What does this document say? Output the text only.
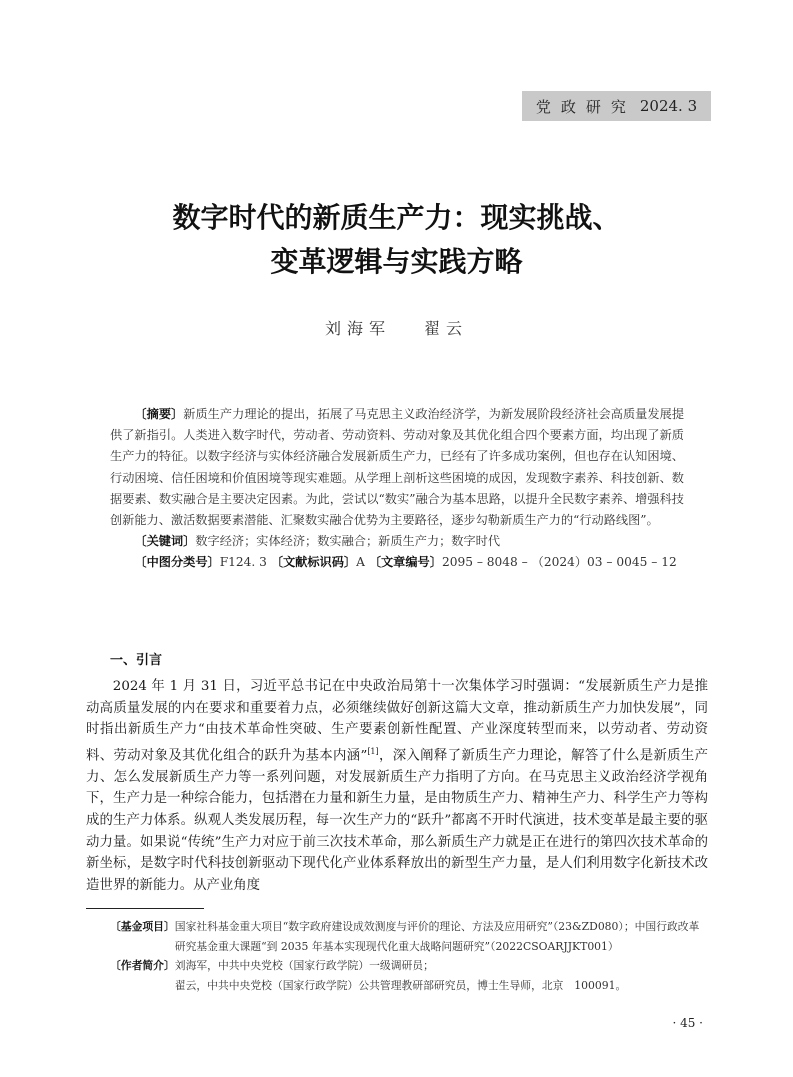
党政研究 2024. 3
数字时代的新质生产力：现实挑战、
变革逻辑与实践方略
刘海军 翟云

〔摘要〕新质生产力理论的提出，拓展了马克思主义政治经济学，为新发展阶段经济社会高质量发展提供了新指引。人类进入数字时代，劳动者、劳动资料、劳动对象及其优化组合四个要素方面，均出现了新质生产力的特征。以数字经济与实体经济融合发展新质生产力，已经有了许多成功案例，但也存在认知困境、行动困境、信任困境和价值困境等现实难题。从学理上剖析这些困境的成因，发现数字素养、科技创新、数据要素、数实融合是主要决定因素。为此，尝试以“数实”融合为基本思路，以提升全民数字素养、增强科技创新能力、激活数据要素潜能、汇聚数实融合优势为主要路径，逐步勾勒新质生产力的“行动路线图”。

〔关键词〕数字经济；实体经济；数实融合；新质生产力；数字时代

〔中图分类号〕F124. 3 〔文献标识码〕A 〔文章编号〕2095 – 8048 – （2024）03 – 0045 – 12

一、引言

2024 年 1 月 31 日，习近平总书记在中央政治局第十一次集体学习时强调：“发展新质生产力是推动高质量发展的内在要求和重要着力点，必须继续做好创新这篇大文章，推动新质生产力加快发展”，同时指出新质生产力“由技术革命性突破、生产要素创新性配置、产业深度转型而来，以劳动者、劳动资料、劳动对象及其优化组合的跃升为基本内涵”[1]，深入阐释了新质生产力理论，解答了什么是新质生产力、怎么发展新质生产力等一系列问题，对发展新质生产力指明了方向。在马克思主义政治经济学视角下，生产力是一种综合能力，包括潜在力量和新生力量，是由物质生产力、精神生产力、科学生产力等构成的生产力体系。纵观人类发展历程，每一次生产力的“跃升”都离不开时代演进，技术变革是最主要的驱动力量。如果说“传统”生产力对应于前三次技术革命，那么新质生产力就是正在进行的第四次技术革命的新坐标，是数字时代科技创新驱动下现代化产业体系释放出的新型生产力量，是人们利用数字化新技术改造世界的新能力。从产业角度

〔基金项目〕 国家社科基金重大项目“数字政府建设成效测度与评价的理论、方法及应用研究”（23&ZD080）；中国行政改革研究基金重大课题“到 2035 年基本实现现代化重大战略问题研究”（2022CSOARJJKT001）
〔作者简介〕 刘海军，中共中央党校（国家行政学院）一级调研员；
翟云，中共中央党校（国家行政学院）公共管理教研部研究员，博士生导师，北京　100091。
· 45 ·
